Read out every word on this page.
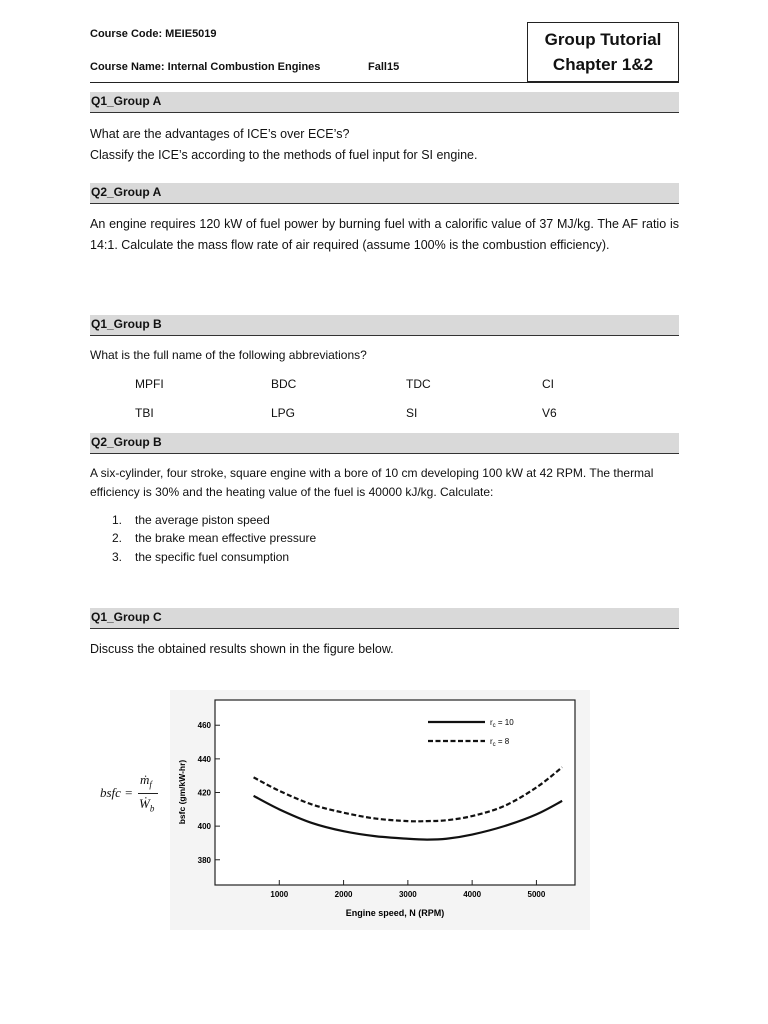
Course Code: MEIE5019
Course Name: Internal Combustion Engines	Fall15
Group Tutorial
Chapter 1&2
Q1_Group A
What are the advantages of ICE’s over ECE’s?
Classify the ICE’s according to the methods of fuel input for SI engine.
Q2_Group A
An engine requires 120 kW of fuel power by burning fuel with a calorific value of 37 MJ/kg. The AF ratio is 14:1. Calculate the mass flow rate of air required (assume 100% is the combustion efficiency).
Q1_Group B
What is the full name of the following abbreviations?
MPFI	BDC	TDC	CI
TBI	LPG	SI	V6
Q2_Group B
A six-cylinder, four stroke, square engine with a bore of 10 cm developing 100 kW at 42 RPM. The thermal efficiency is 30% and the heating value of the fuel is 40000 kJ/kg. Calculate:
1.	the average piston speed
2.	the brake mean effective pressure
3.	the specific fuel consumption
Q1_Group C
Discuss the obtained results shown in the figure below.
bsfc =
ṁ$_f$
Ẇ$_b$
380
400
420
440
460
1000	2000	3000	4000	5000
$r_c = 10$
$r_c = 8$
Engine speed, N (RPM)
bsfc (gm/kW-hr)
